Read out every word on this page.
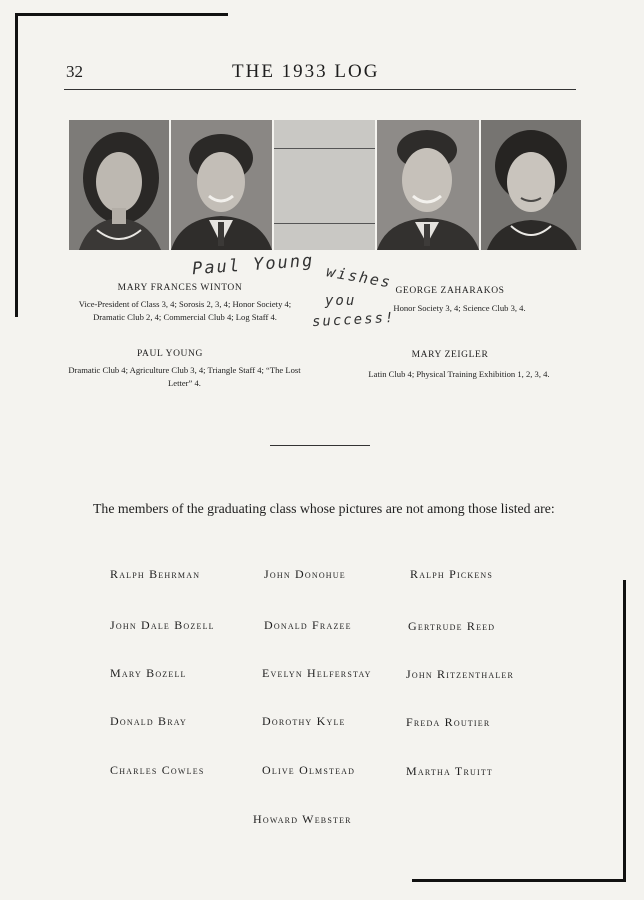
32	THE 1933 LOG
Paul Young wishes
you
success!
MARY FRANCES WINTON
Vice-President of Class 3, 4; Sorosis 2, 3, 4; Honor Society 4; Dramatic Club 2, 4; Commercial Club 4; Log Staff 4.
PAUL YOUNG
Dramatic Club 4; Agriculture Club 3, 4; Triangle Staff 4; “The Lost Letter” 4.
GEORGE ZAHARAKOS
Honor Society 3, 4; Science Club 3, 4.
MARY ZEIGLER
Latin Club 4; Physical Training Exhibition 1, 2, 3, 4.
The members of the graduating class whose pictures are not among those listed are:
Ralph Behrman	John Donohue	Ralph Pickens
John Dale Bozell	Donald Frazee	Gertrude Reed
Mary Bozell	Evelyn Helferstay	John Ritzenthaler
Donald Bray	Dorothy Kyle	Freda Routier
Charles Cowles	Olive Olmstead	Martha Truitt
Howard Webster
